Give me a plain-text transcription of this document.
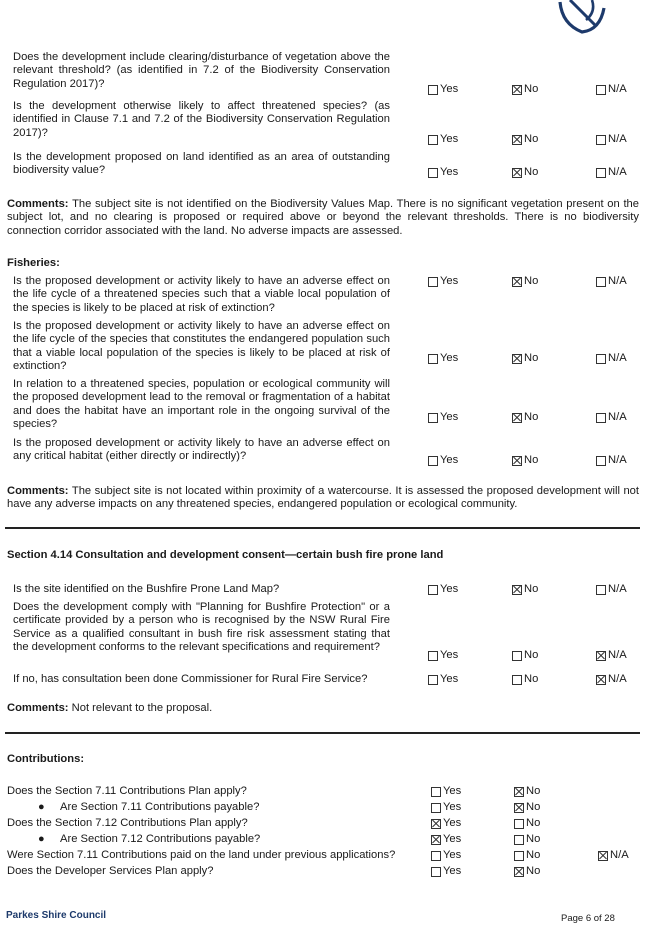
Does the development include clearing/disturbance of vegetation above the relevant threshold? (as identified in 7.2 of the Biodiversity Conservation Regulation 2017)?	Yes	No	N/A
Is the development otherwise likely to affect threatened species? (as identified in Clause 7.1 and 7.2 of the Biodiversity Conservation Regulation 2017)?
Yes	No	N/A
Is the development proposed on land identified as an area of outstanding biodiversity value?	Yes	No	N/A
Comments: The subject site is not identified on the Biodiversity Values Map. There is no significant vegetation present on the subject lot, and no clearing is proposed or required above or beyond the relevant thresholds. There is no biodiversity connection corridor associated with the land. No adverse impacts are assessed.
Fisheries:
Is the proposed development or activity likely to have an adverse effect on the life cycle of a threatened species such that a viable local population of the species is likely to be placed at risk of extinction?
Yes	No	N/A
Is the proposed development or activity likely to have an adverse effect on the life cycle of the species that constitutes the endangered population such that a viable local population of the species is likely to be placed at risk of extinction?
Yes	No	N/A
In relation to a threatened species, population or ecological community will the proposed development lead to the removal or fragmentation of a habitat and does the habitat have an important role in the ongoing survival of the species?
Yes	No	N/A
Is the proposed development or activity likely to have an adverse effect on any critical habitat (either directly or indirectly)?	Yes	No	N/A
Comments: The subject site is not located within proximity of a watercourse. It is assessed the proposed development will not have any adverse impacts on any threatened species, endangered population or ecological community.
Section 4.14 Consultation and development consent—certain bush fire prone land
Is the site identified on the Bushfire Prone Land Map?	Yes	No	N/A
Does the development comply with "Planning for Bushfire Protection" or a certificate provided by a person who is recognised by the NSW Rural Fire Service as a qualified consultant in bush fire risk assessment stating that the development conforms to the relevant specifications and requirement?
Yes	No	N/A
If no, has consultation been done Commissioner for Rural Fire Service?	Yes	No	N/A
Comments: Not relevant to the proposal.
Contributions:
Does the Section 7.11 Contributions Plan apply?	Yes	No
● Are Section 7.11 Contributions payable?	Yes	No
Does the Section 7.12 Contributions Plan apply?	Yes	No
● Are Section 7.12 Contributions payable?	Yes	No
Were Section 7.11 Contributions paid on the land under previous applications?	Yes	No	N/A
Does the Developer Services Plan apply?	Yes	No
Parkes Shire Council	Page 6 of 28
